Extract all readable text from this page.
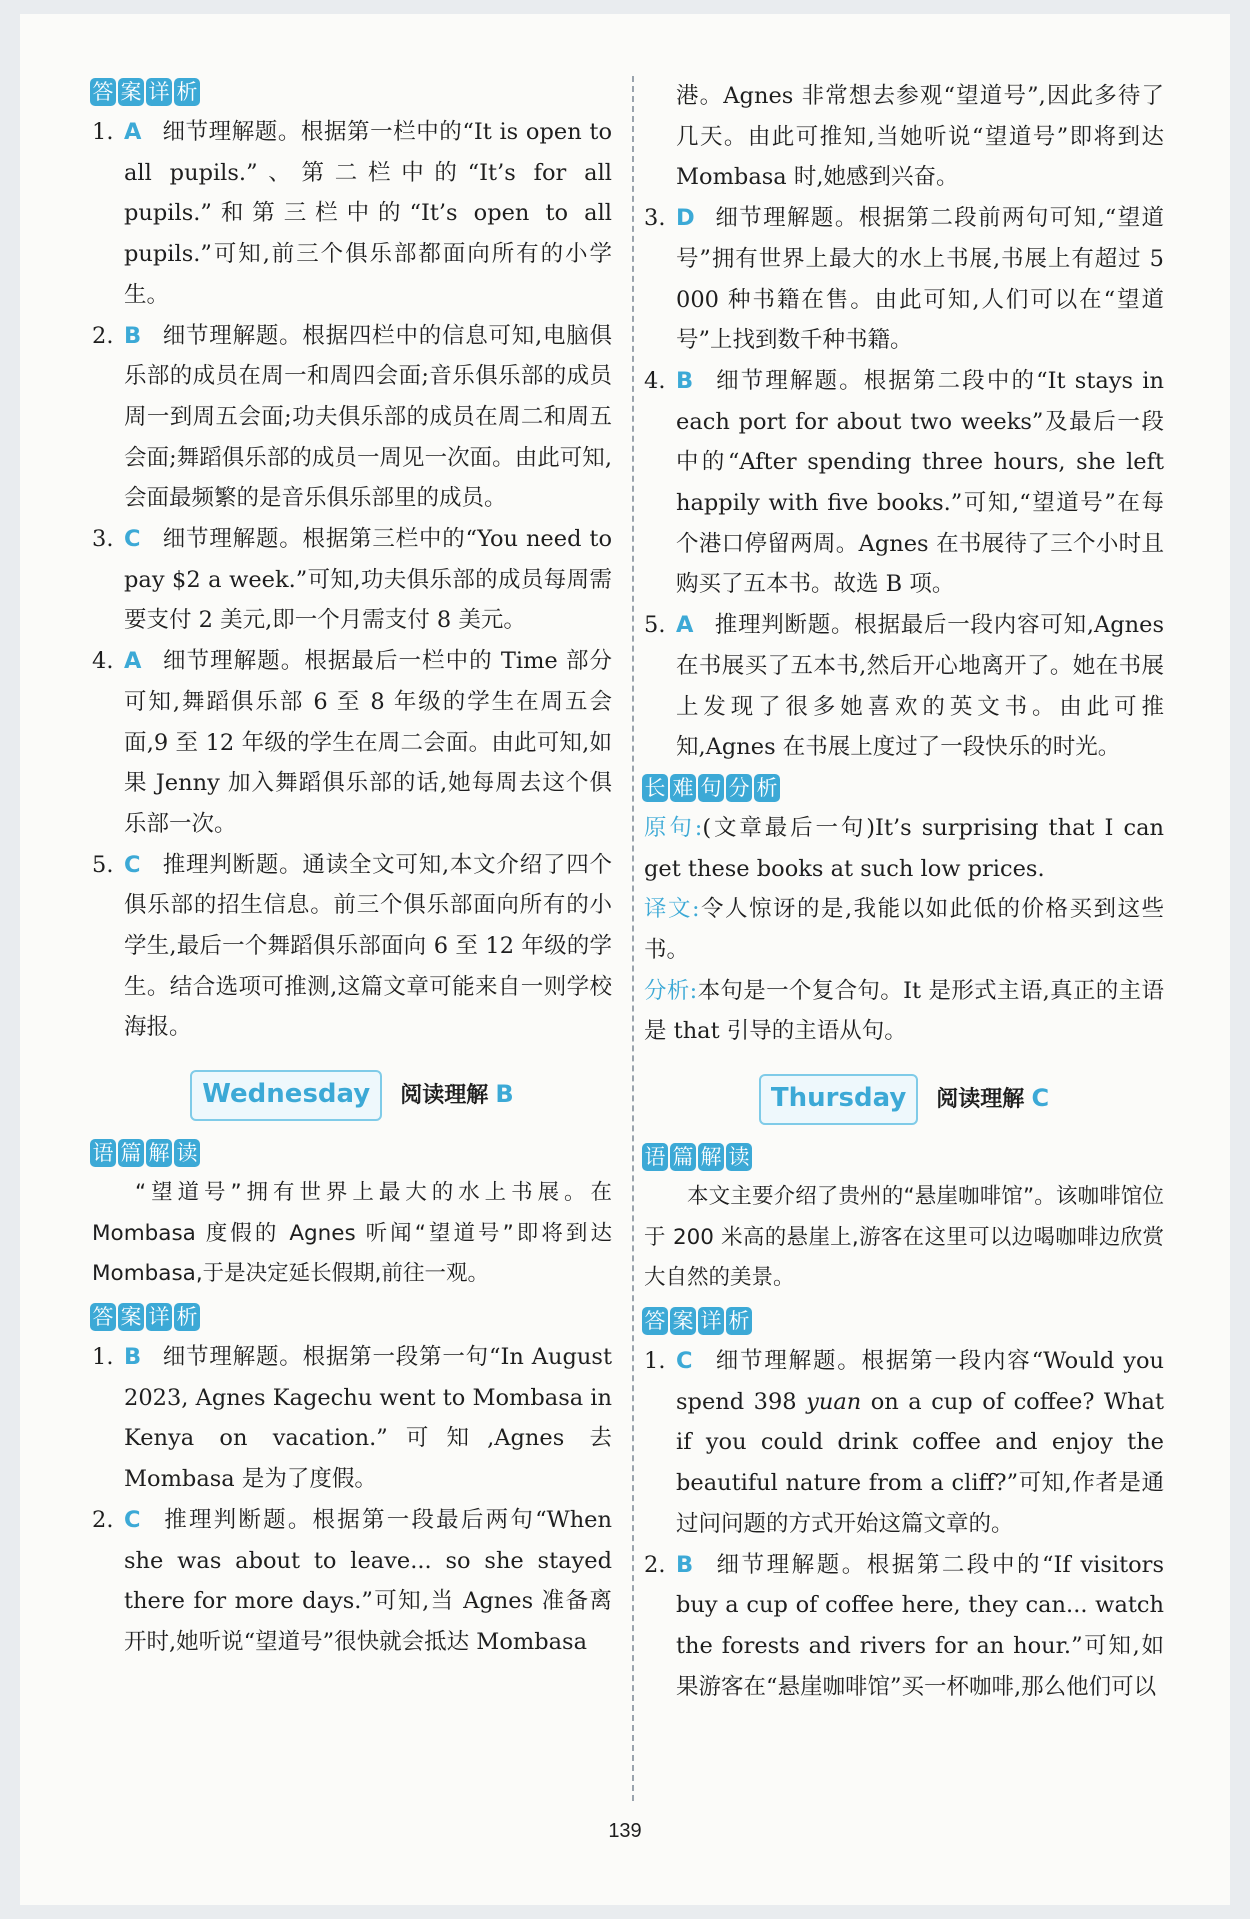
答 案 详 析
1. A 细节理解题。根据第一栏中的“It is open to all pupils.”、第二栏中的“It’s for all pupils.”和第三栏中的“It’s open to all pupils.”可知,前三个俱乐部都面向所有的小学生。
2. B 细节理解题。根据四栏中的信息可知,电脑俱乐部的成员在周一和周四会面;音乐俱乐部的成员周一到周五会面;功夫俱乐部的成员在周二和周五会面;舞蹈俱乐部的成员一周见一次面。由此可知,会面最频繁的是音乐俱乐部里的成员。
3. C 细节理解题。根据第三栏中的“You need to pay $2 a week.”可知,功夫俱乐部的成员每周需要支付 2 美元,即一个月需支付 8 美元。
4. A 细节理解题。根据最后一栏中的 Time 部分可知,舞蹈俱乐部 6 至 8 年级的学生在周五会面,9 至 12 年级的学生在周二会面。由此可知,如果 Jenny 加入舞蹈俱乐部的话,她每周去这个俱乐部一次。
5. C 推理判断题。通读全文可知,本文介绍了四个俱乐部的招生信息。前三个俱乐部面向所有的小学生,最后一个舞蹈俱乐部面向 6 至 12 年级的学生。结合选项可推测,这篇文章可能来自一则学校海报。
Wednesday	阅读理解 B
语 篇 解 读
“望道号”拥有世界上最大的水上书展。在 Mombasa 度假的 Agnes 听闻“望道号”即将到达 Mombasa,于是决定延长假期,前往一观。
答 案 详 析
1. B 细节理解题。根据第一段第一句“In August 2023, Agnes Kagechu went to Mombasa in Kenya on vacation.”可知,Agnes 去 Mombasa 是为了度假。
2. C 推理判断题。根据第一段最后两句“When she was about to leave... so she stayed there for more days.”可知,当 Agnes 准备离开时,她听说“望道号”很快就会抵达 Mombasa
港。Agnes 非常想去参观“望道号”,因此多待了几天。由此可推知,当她听说“望道号”即将到达 Mombasa 时,她感到兴奋。
3. D 细节理解题。根据第二段前两句可知,“望道号”拥有世界上最大的水上书展,书展上有超过 5 000 种书籍在售。由此可知,人们可以在“望道号”上找到数千种书籍。
4. B 细节理解题。根据第二段中的“It stays in each port for about two weeks”及最后一段中的“After spending three hours, she left happily with five books.”可知,“望道号”在每个港口停留两周。Agnes 在书展待了三个小时且购买了五本书。故选 B 项。
5. A 推理判断题。根据最后一段内容可知,Agnes 在书展买了五本书,然后开心地离开了。她在书展上发现了很多她喜欢的英文书。由此可推知,Agnes 在书展上度过了一段快乐的时光。
长 难 句 分 析
原句:(文章最后一句)It’s surprising that I can get these books at such low prices.
译文:令人惊讶的是,我能以如此低的价格买到这些书。
分析:本句是一个复合句。It 是形式主语,真正的主语是 that 引导的主语从句。
Thursday	阅读理解 C
语 篇 解 读
本文主要介绍了贵州的“悬崖咖啡馆”。该咖啡馆位于 200 米高的悬崖上,游客在这里可以边喝咖啡边欣赏大自然的美景。
答 案 详 析
1. C 细节理解题。根据第一段内容“Would you spend 398 yuan on a cup of coffee? What if you could drink coffee and enjoy the beautiful nature from a cliff?”可知,作者是通过问问题的方式开始这篇文章的。
2. B 细节理解题。根据第二段中的“If visitors buy a cup of coffee here, they can... watch the forests and rivers for an hour.”可知,如果游客在“悬崖咖啡馆”买一杯咖啡,那么他们可以
139
